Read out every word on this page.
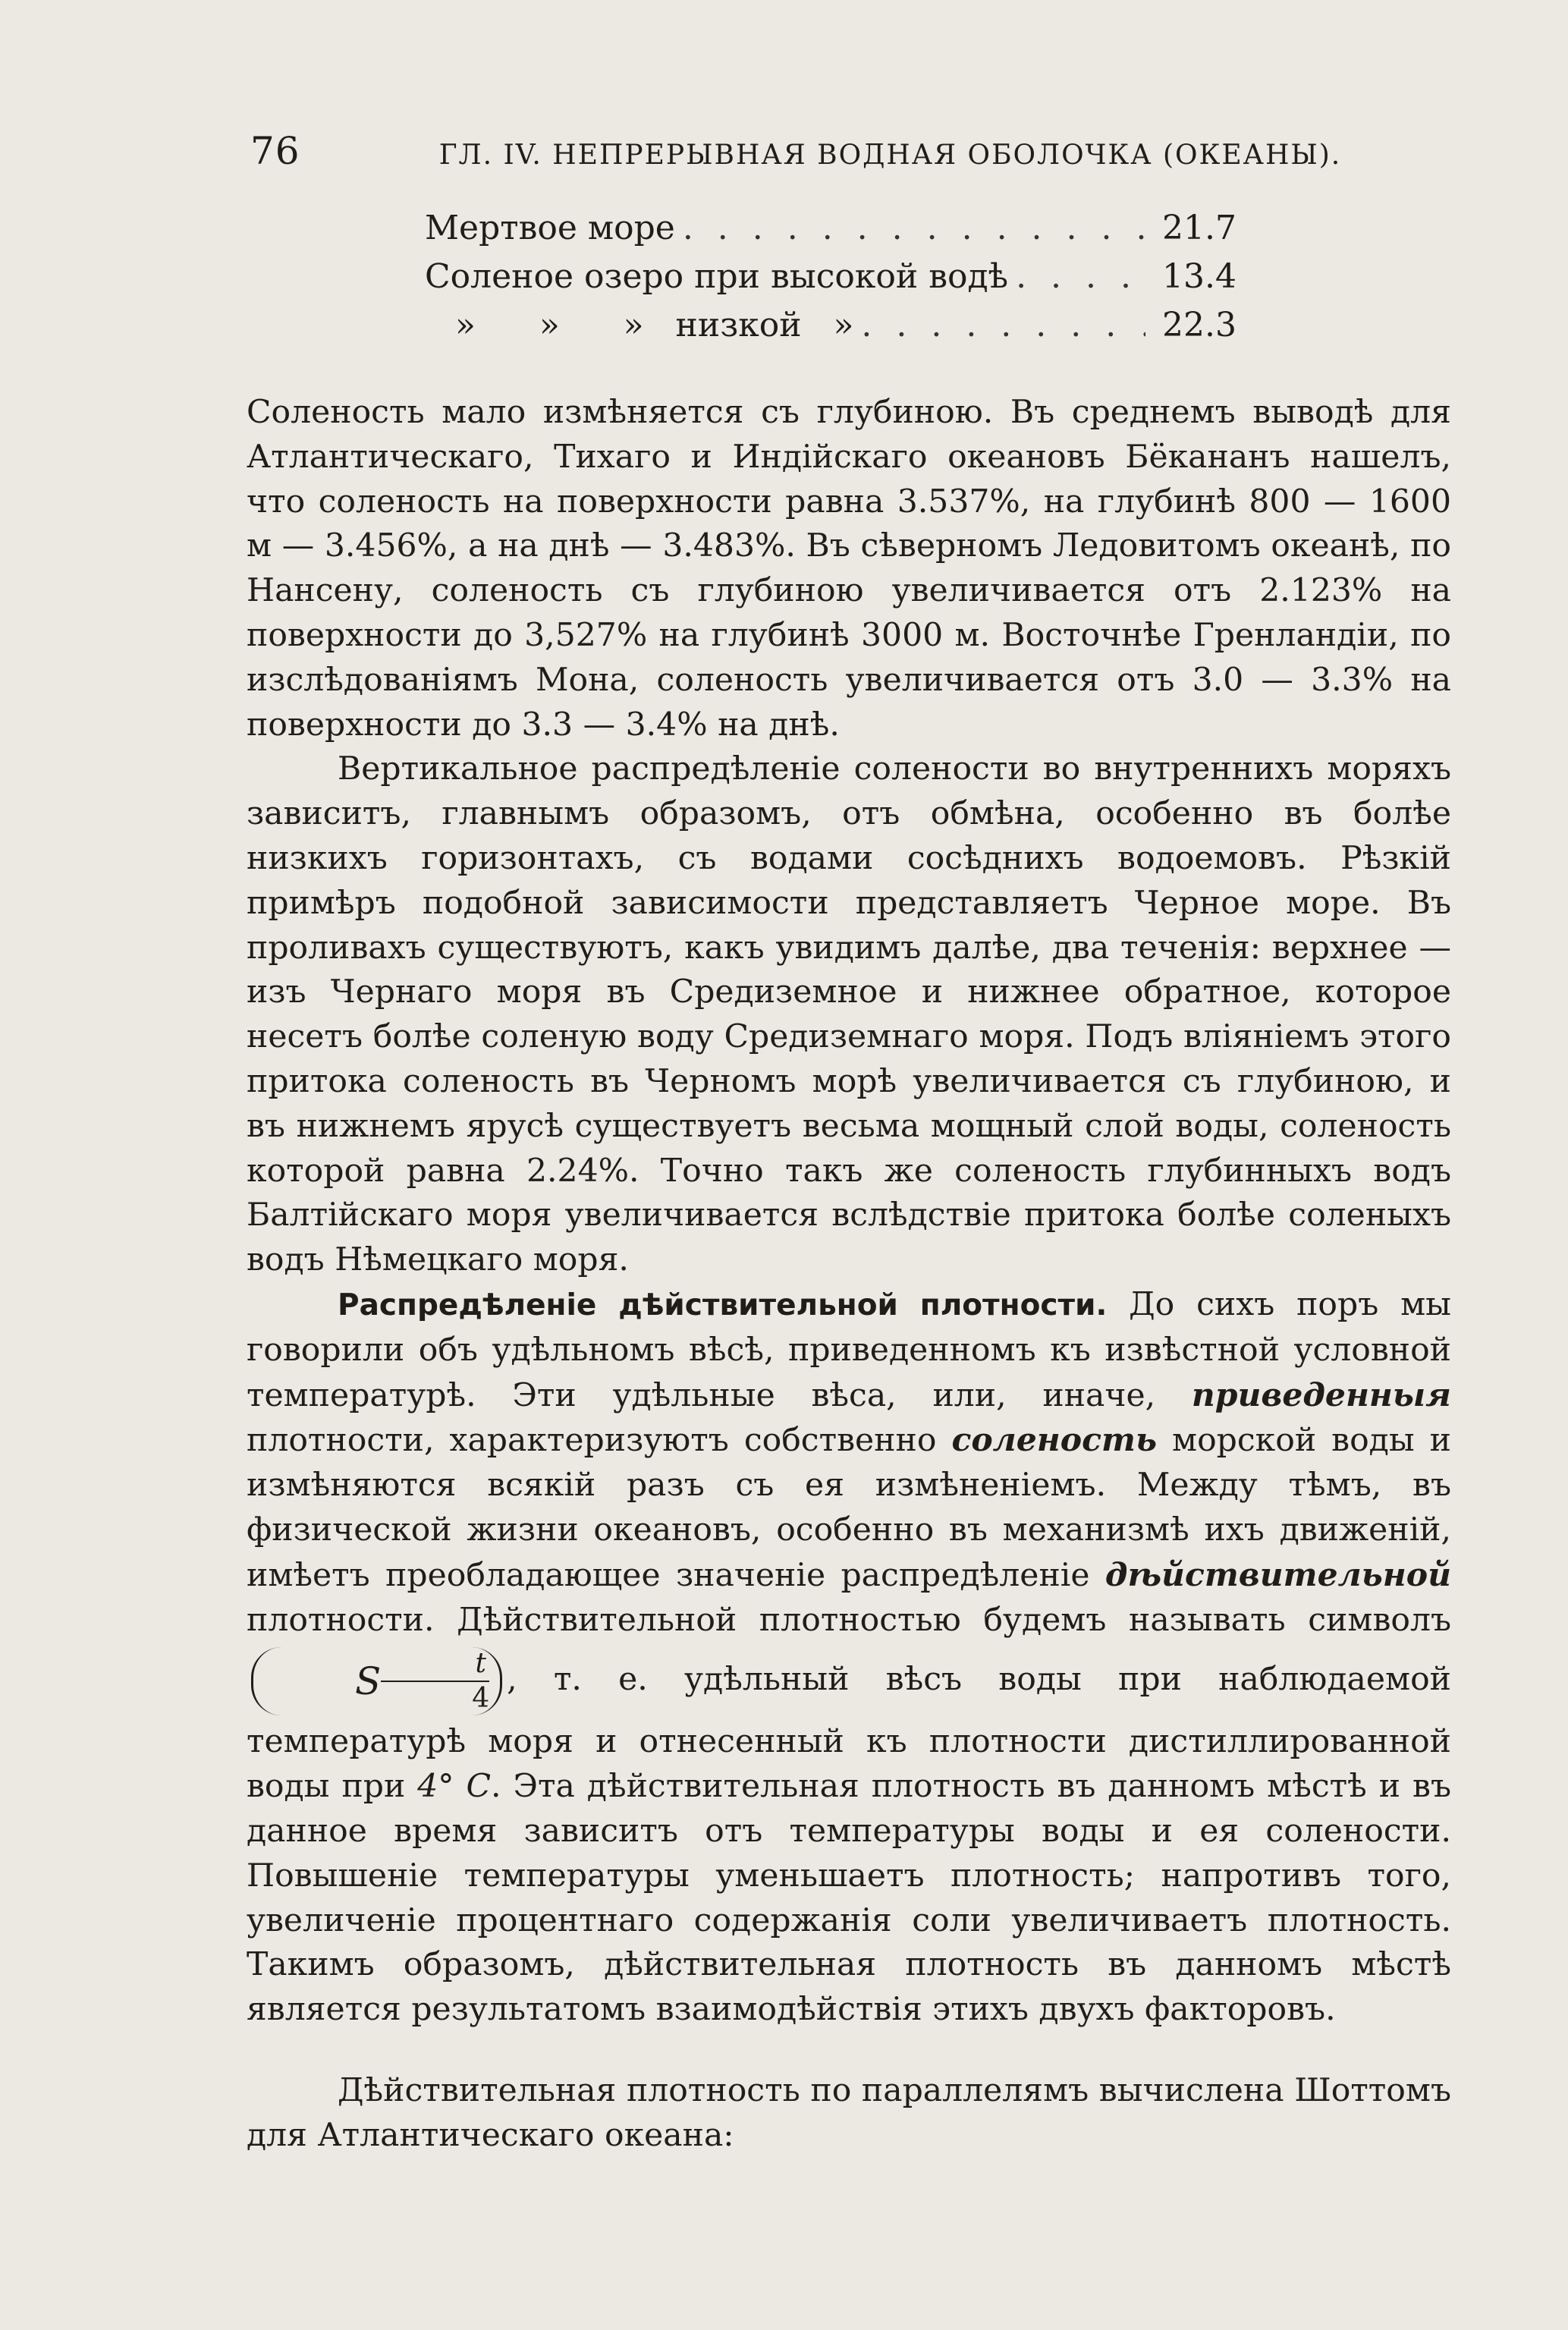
76	ГЛ. IV. НЕПРЕРЫВНАЯ ВОДНАЯ ОБОЛОЧКА (ОКЕАНЫ).
Мертвое море . . .	21.7
Соленое озеро при высокой водѣ . . .	13.4
»      »      »   низкой   » . . .	22.3

Соленость мало измѣняется съ глубиною. Въ среднемъ выводѣ для Атлантическаго, Тихаго и Индійскаго океановъ Бёкананъ нашелъ, что соленость на поверхности равна 3.537%, на глубинѣ 800 — 1600 м — 3.456%, а на днѣ — 3.483%. Въ сѣверномъ Ледовитомъ океанѣ, по Нансену, соленость съ глубиною увеличивается отъ 2.123% на поверхности до 3,527% на глубинѣ 3000 м. Восточнѣе Гренландіи, по изслѣдованіямъ Мона, соленость увеличивается отъ 3.0 — 3.3% на поверхности до 3.3 — 3.4% на днѣ.

Вертикальное распредѣленіе солености во внутреннихъ моряхъ зависитъ, главнымъ образомъ, отъ обмѣна, особенно въ болѣе низкихъ горизонтахъ, съ водами сосѣднихъ водоемовъ. Рѣзкій примѣръ подобной зависимости представляетъ Черное море. Въ проливахъ существуютъ, какъ увидимъ далѣе, два теченія: верхнее — изъ Чернаго моря въ Средиземное и нижнее обратное, которое несетъ болѣе соленую воду Средиземнаго моря. Подъ вліяніемъ этого притока соленость въ Черномъ морѣ увеличивается съ глубиною, и въ нижнемъ ярусѣ существуетъ весьма мощный слой воды, соленость которой равна 2.24%. Точно такъ же соленость глубинныхъ водъ Балтійскаго моря увеличивается вслѣдствіе притока болѣе соленыхъ водъ Нѣмецкаго моря.

Распредѣленіе дѣйствительной плотности. До сихъ поръ мы говорили объ удѣльномъ вѣсѣ, приведенномъ къ извѣстной условной температурѣ. Эти удѣльные вѣса, или, иначе, приведенныя плотности, характеризуютъ собственно соленость морской воды и измѣняются всякій разъ съ ея измѣненіемъ. Между тѣмъ, въ физической жизни океановъ, особенно въ механизмѣ ихъ движеній, имѣетъ преобладающее значеніе распредѣленіе дѣйствительной плотности. Дѣйствительной плотностью будемъ называть символъS $\frac{t}{4}$ , т. е. удѣльный вѣсъ воды при наблюдаемой температурѣ моря и отнесенный къ плотности дистиллированной воды при 4° C. Эта дѣйствительная плотность въ данномъ мѣстѣ и въ данное время зависитъ отъ температуры воды и ея солености. Повышеніе температуры уменьшаетъ плотность; напротивъ того, увеличеніе процентнаго содержанія соли увеличиваетъ плотность. Такимъ образомъ, дѣйствительная плотность въ данномъ мѣстѣ является результатомъ взаимодѣйствія этихъ двухъ факторовъ.

Дѣйствительная плотность по параллелямъ вычислена Шоттомъ для Атлантическаго океана:
